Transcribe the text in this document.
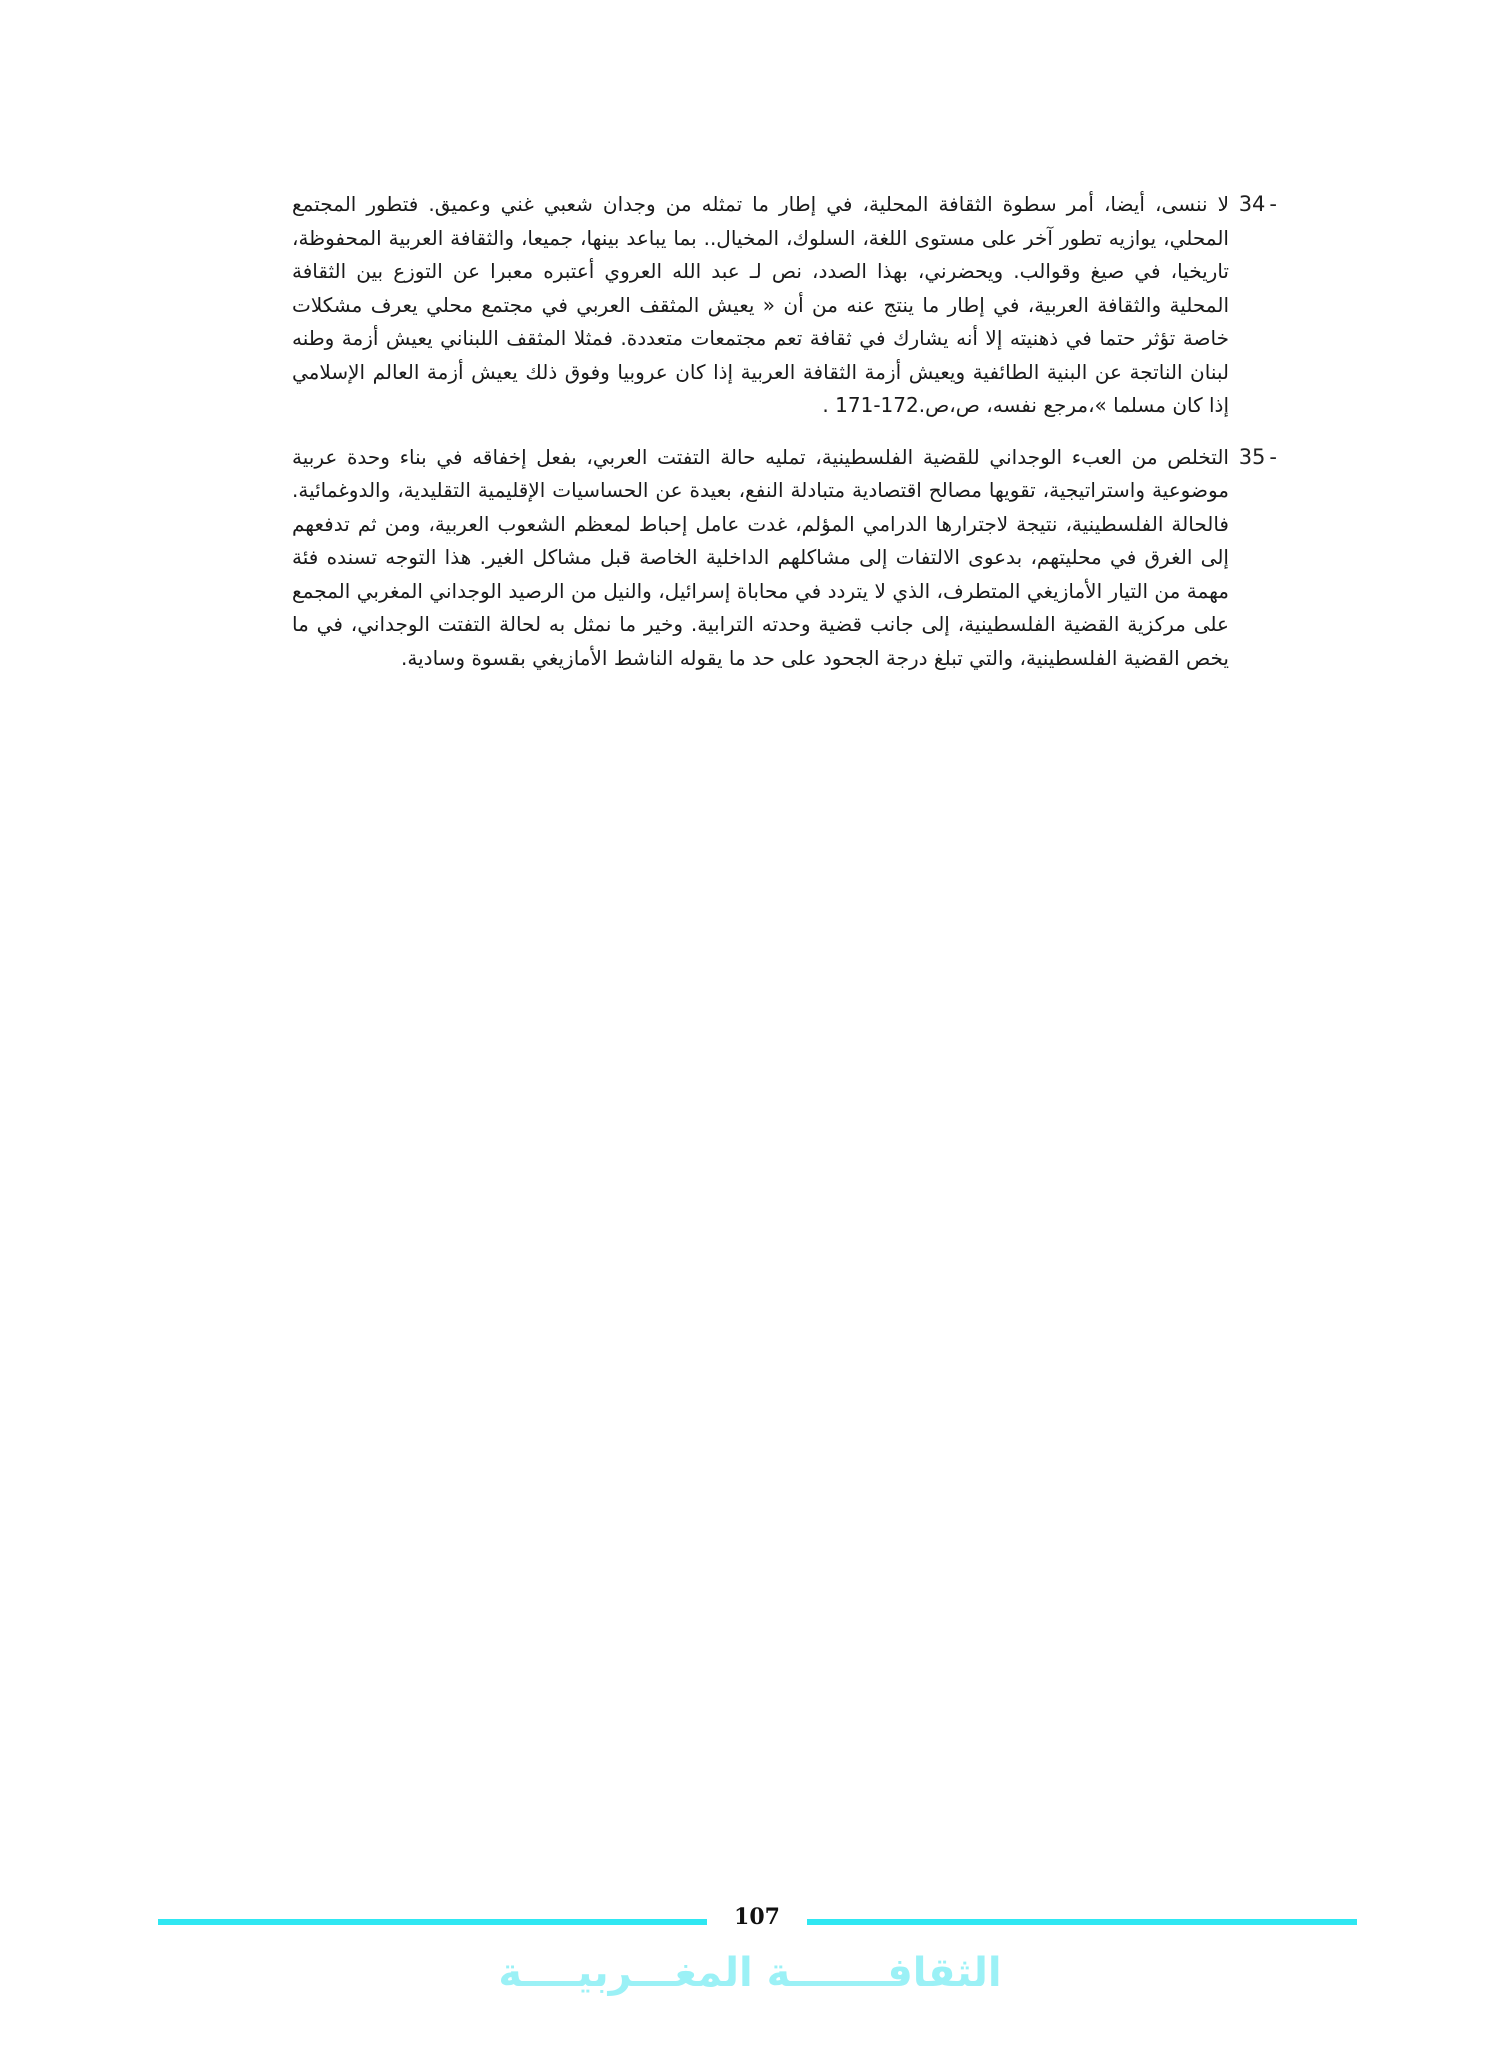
34 -
لا ننسى، أيضا، أمر سطوة الثقافة المحلية، في إطار ما تمثله من وجدان شعبي غني وعميق. فتطور المجتمع المحلي، يوازيه تطور آخر على مستوى اللغة، السلوك، المخيال.. بما يباعد بينها، جميعا، والثقافة العربية المحفوظة، تاريخيا، في صيغ وقوالب. ويحضرني، بهذا الصدد، نص لـ عبد الله العروي أعتبره معبرا عن التوزع بين الثقافة المحلية والثقافة العربية، في إطار ما ينتج عنه من أن « يعيش المثقف العربي في مجتمع محلي يعرف مشكلات خاصة تؤثر حتما في ذهنيته إلا أنه يشارك في ثقافة تعم مجتمعات متعددة. فمثلا المثقف اللبناني يعيش أزمة وطنه لبنان الناتجة عن البنية الطائفية ويعيش أزمة الثقافة العربية إذا كان عروبيا وفوق ذلك يعيش أزمة العالم الإسلامي إذا كان مسلما »،مرجع نفسه، ص،ص.172-171 .
35 -
التخلص من العبء الوجداني للقضية الفلسطينية، تمليه حالة التفتت العربي، بفعل إخفاقه في بناء وحدة عربية موضوعية واستراتيجية، تقويها مصالح اقتصادية متبادلة النفع، بعيدة عن الحساسيات الإقليمية التقليدية، والدوغمائية. فالحالة الفلسطينية، نتيجة لاجترارها الدرامي المؤلم، غدت عامل إحباط لمعظم الشعوب العربية، ومن ثم تدفعهم إلى الغرق في محليتهم، بدعوى الالتفات إلى مشاكلهم الداخلية الخاصة قبل مشاكل الغير. هذا التوجه تسنده فئة مهمة من التيار الأمازيغي المتطرف، الذي لا يتردد في محاباة إسرائيل، والنيل من الرصيد الوجداني المغربي المجمع على مركزية القضية الفلسطينية، إلى جانب قضية وحدته الترابية. وخير ما نمثل به لحالة التفتت الوجداني، في ما يخص القضية الفلسطينية، والتي تبلغ درجة الجحود على حد ما يقوله الناشط الأمازيغي بقسوة وسادية.
107
الثقافـــــــة المغـــربيــــة
